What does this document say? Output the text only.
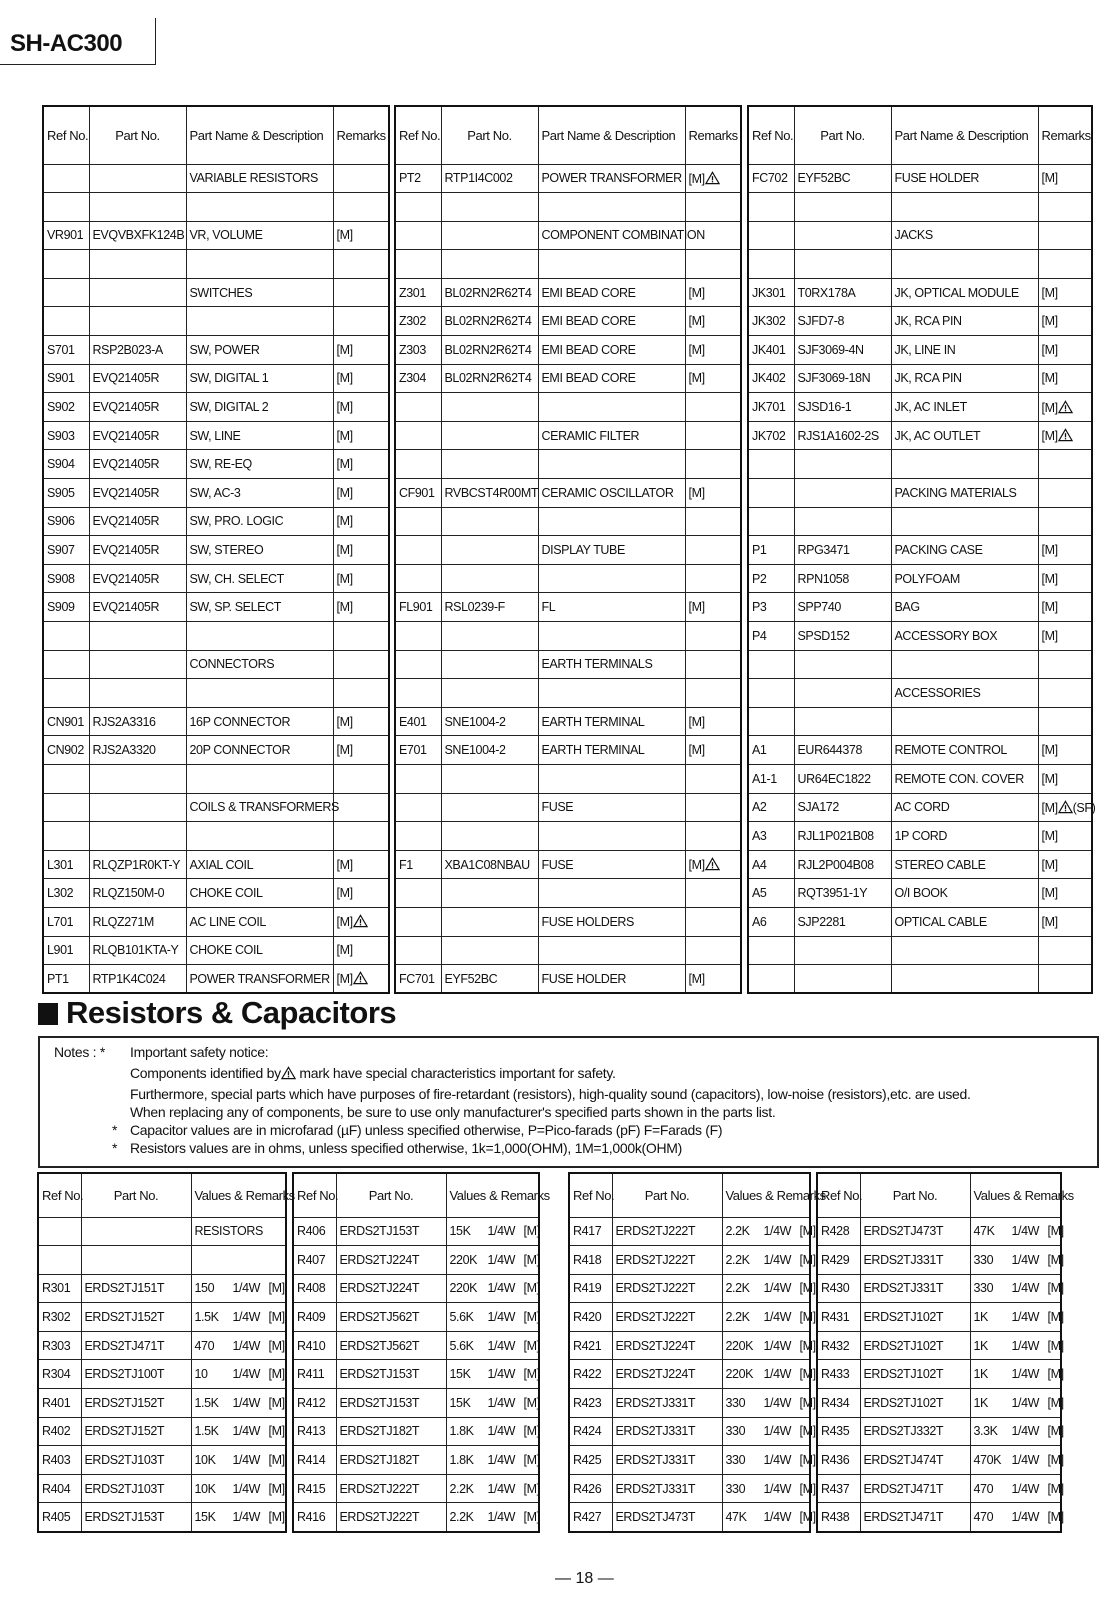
SH-AC300
Ref No.	Part No.	Part Name & Description	Remarks
		VARIABLE RESISTORS	

VR901	EVQVBXFK124B	VR, VOLUME	[M]

		SWITCHES	

S701	RSP2B023-A	SW, POWER	[M]
S901	EVQ21405R	SW, DIGITAL 1	[M]
S902	EVQ21405R	SW, DIGITAL 2	[M]
S903	EVQ21405R	SW, LINE	[M]
S904	EVQ21405R	SW, RE-EQ	[M]
S905	EVQ21405R	SW, AC-3	[M]
S906	EVQ21405R	SW, PRO. LOGIC	[M]
S907	EVQ21405R	SW, STEREO	[M]
S908	EVQ21405R	SW, CH. SELECT	[M]
S909	EVQ21405R	SW, SP. SELECT	[M]

		CONNECTORS	

CN901	RJS2A3316	16P CONNECTOR	[M]
CN902	RJS2A3320	20P CONNECTOR	[M]

		COILS & TRANSFORMERS	

L301	RLQZP1R0KT-Y	AXIAL COIL	[M]
L302	RLQZ150M-0	CHOKE COIL	[M]
L701	RLQZ271M	AC LINE COIL	[M]
L901	RLQB101KTA-Y	CHOKE COIL	[M]
PT1	RTP1K4C024	POWER TRANSFORMER	[M]
Ref No.	Part No.	Part Name & Description	Remarks
PT2	RTP1I4C002	POWER TRANSFORMER	[M]

		COMPONENT COMBINATION	

Z301	BL02RN2R62T4	EMI BEAD CORE	[M]
Z302	BL02RN2R62T4	EMI BEAD CORE	[M]
Z303	BL02RN2R62T4	EMI BEAD CORE	[M]
Z304	BL02RN2R62T4	EMI BEAD CORE	[M]

		CERAMIC FILTER	

CF901	RVBCST4R00MT	CERAMIC OSCILLATOR	[M]

		DISPLAY TUBE	

FL901	RSL0239-F	FL	[M]

		EARTH TERMINALS	

E401	SNE1004-2	EARTH TERMINAL	[M]
E701	SNE1004-2	EARTH TERMINAL	[M]

		FUSE	

F1	XBA1C08NBAU	FUSE	[M]

		FUSE HOLDERS	

FC701	EYF52BC	FUSE HOLDER	[M]
Ref No.	Part No.	Part Name & Description	Remarks
FC702	EYF52BC	FUSE HOLDER	[M]

		JACKS	

JK301	T0RX178A	JK, OPTICAL MODULE	[M]
JK302	SJFD7-8	JK, RCA PIN	[M]
JK401	SJF3069-4N	JK, LINE IN	[M]
JK402	SJF3069-18N	JK, RCA PIN	[M]
JK701	SJSD16-1	JK, AC INLET	[M]
JK702	RJS1A1602-2S	JK, AC OUTLET	[M]

		PACKING MATERIALS	

P1	RPG3471	PACKING CASE	[M]
P2	RPN1058	POLYFOAM	[M]
P3	SPP740	BAG	[M]
P4	SPSD152	ACCESSORY BOX	[M]

		ACCESSORIES	

A1	EUR644378	REMOTE CONTROL	[M]
A1-1	UR64EC1822	REMOTE CON. COVER	[M]
A2	SJA172	AC CORD	[M] (SF)
A3	RJL1P021B08	1P CORD	[M]
A4	RJL2P004B08	STEREO CABLE	[M]
A5	RQT3951-1Y	O/I BOOK	[M]
A6	SJP2281	OPTICAL CABLE	[M]

Resistors & Capacitors
Notes : * Important safety notice:
Components identified by mark have special characteristics important for safety.
Furthermore, special parts which have purposes of fire-retardant (resistors), high-quality sound (capacitors), low-noise (resistors),etc. are used.
When replacing any of components, be sure to use only manufacturer's specified parts shown in the parts list.
* Capacitor values are in microfarad (µF) unless specified otherwise, P=Pico-farads (pF) F=Farads (F)
* Resistors values are in ohms, unless specified otherwise, 1k=1,000(OHM), 1M=1,000k(OHM)
Ref No.	Part No.	Values & Remarks
		RESISTORS

R301	ERDS2TJ151T	150 1/4W [M]
R302	ERDS2TJ152T	1.5K 1/4W [M]
R303	ERDS2TJ471T	470 1/4W [M]
R304	ERDS2TJ100T	10 1/4W [M]
R401	ERDS2TJ152T	1.5K 1/4W [M]
R402	ERDS2TJ152T	1.5K 1/4W [M]
R403	ERDS2TJ103T	10K 1/4W [M]
R404	ERDS2TJ103T	10K 1/4W [M]
R405	ERDS2TJ153T	15K 1/4W [M]
Ref No.	Part No.	Values & Remarks
R406	ERDS2TJ153T	15K 1/4W [M]
R407	ERDS2TJ224T	220K 1/4W [M]
R408	ERDS2TJ224T	220K 1/4W [M]
R409	ERDS2TJ562T	5.6K 1/4W [M]
R410	ERDS2TJ562T	5.6K 1/4W [M]
R411	ERDS2TJ153T	15K 1/4W [M]
R412	ERDS2TJ153T	15K 1/4W [M]
R413	ERDS2TJ182T	1.8K 1/4W [M]
R414	ERDS2TJ182T	1.8K 1/4W [M]
R415	ERDS2TJ222T	2.2K 1/4W [M]
R416	ERDS2TJ222T	2.2K 1/4W [M]
Ref No.	Part No.	Values & Remarks
R417	ERDS2TJ222T	2.2K 1/4W [M]
R418	ERDS2TJ222T	2.2K 1/4W [M]
R419	ERDS2TJ222T	2.2K 1/4W [M]
R420	ERDS2TJ222T	2.2K 1/4W [M]
R421	ERDS2TJ224T	220K 1/4W [M]
R422	ERDS2TJ224T	220K 1/4W [M]
R423	ERDS2TJ331T	330 1/4W [M]
R424	ERDS2TJ331T	330 1/4W [M]
R425	ERDS2TJ331T	330 1/4W [M]
R426	ERDS2TJ331T	330 1/4W [M]
R427	ERDS2TJ473T	47K 1/4W [M]
Ref No.	Part No.	Values & Remarks
R428	ERDS2TJ473T	47K 1/4W [M]
R429	ERDS2TJ331T	330 1/4W [M]
R430	ERDS2TJ331T	330 1/4W [M]
R431	ERDS2TJ102T	1K 1/4W [M]
R432	ERDS2TJ102T	1K 1/4W [M]
R433	ERDS2TJ102T	1K 1/4W [M]
R434	ERDS2TJ102T	1K 1/4W [M]
R435	ERDS2TJ332T	3.3K 1/4W [M]
R436	ERDS2TJ474T	470K 1/4W [M]
R437	ERDS2TJ471T	470 1/4W [M]
R438	ERDS2TJ471T	470 1/4W [M]
— 18 —
